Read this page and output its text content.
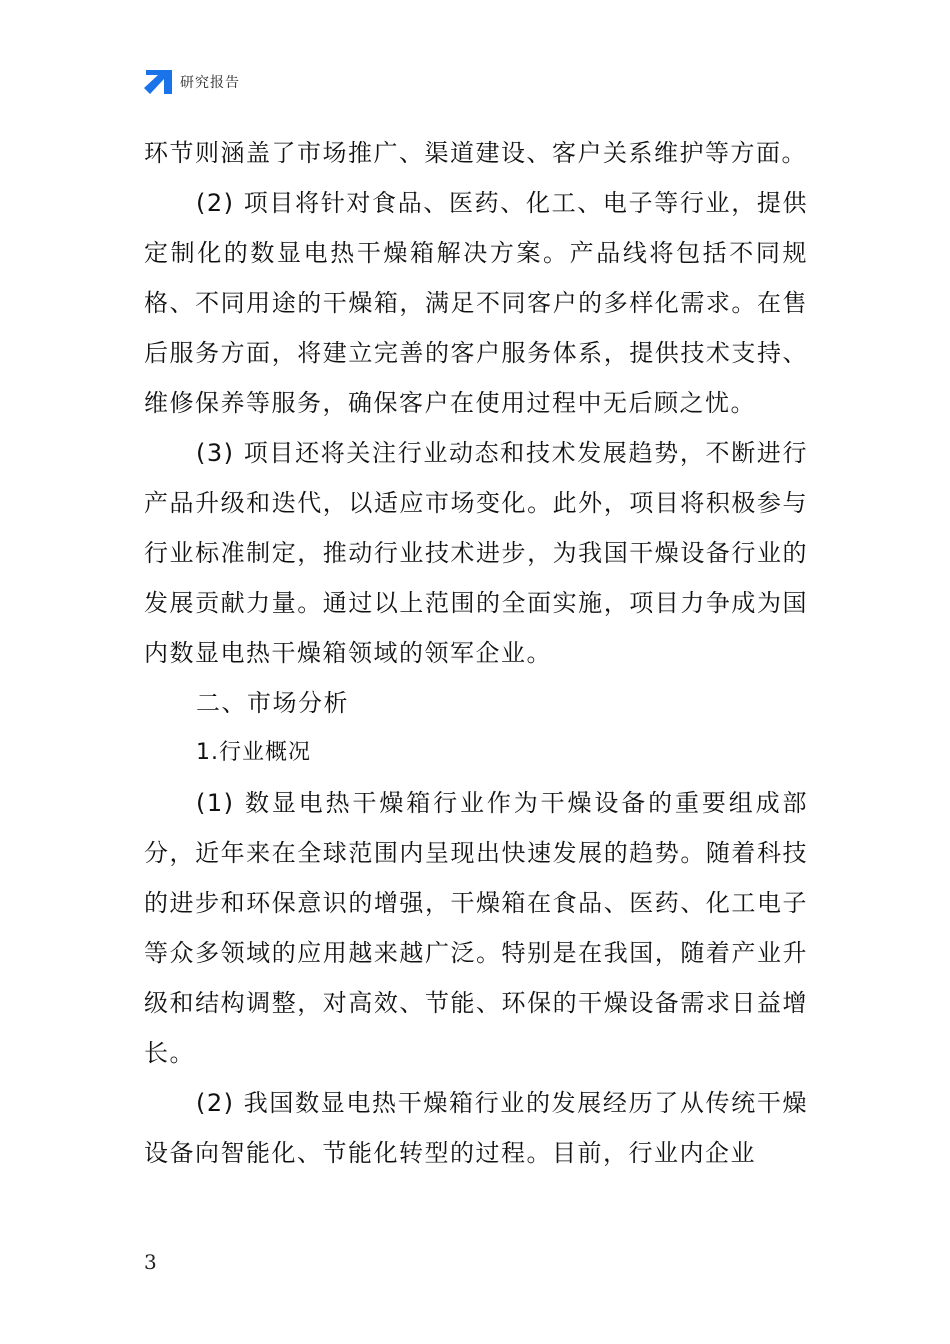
研究报告

环节则涵盖了市场推广、渠道建设、客户关系维护等方面。

(2) 项目将针对食品、医药、化工、电子等行业，提供定制化的数显电热干燥箱解决方案。产品线将包括不同规格、不同用途的干燥箱，满足不同客户的多样化需求。在售后服务方面，将建立完善的客户服务体系，提供技术支持、维修保养等服务，确保客户在使用过程中无后顾之忧。

(3) 项目还将关注行业动态和技术发展趋势，不断进行产品升级和迭代，以适应市场变化。此外，项目将积极参与行业标准制定，推动行业技术进步，为我国干燥设备行业的发展贡献力量。通过以上范围的全面实施，项目力争成为国内数显电热干燥箱领域的领军企业。

二、市场分析
1.行业概况

(1) 数显电热干燥箱行业作为干燥设备的重要组成部分，近年来在全球范围内呈现出快速发展的趋势。随着科技的进步和环保意识的增强，干燥箱在食品、医药、化工电子等众多领域的应用越来越广泛。特别是在我国，随着产业升级和结构调整，对高效、节能、环保的干燥设备需求日益增长。

(2) 我国数显电热干燥箱行业的发展经历了从传统干燥设备向智能化、节能化转型的过程。目前，行业内企业

3
